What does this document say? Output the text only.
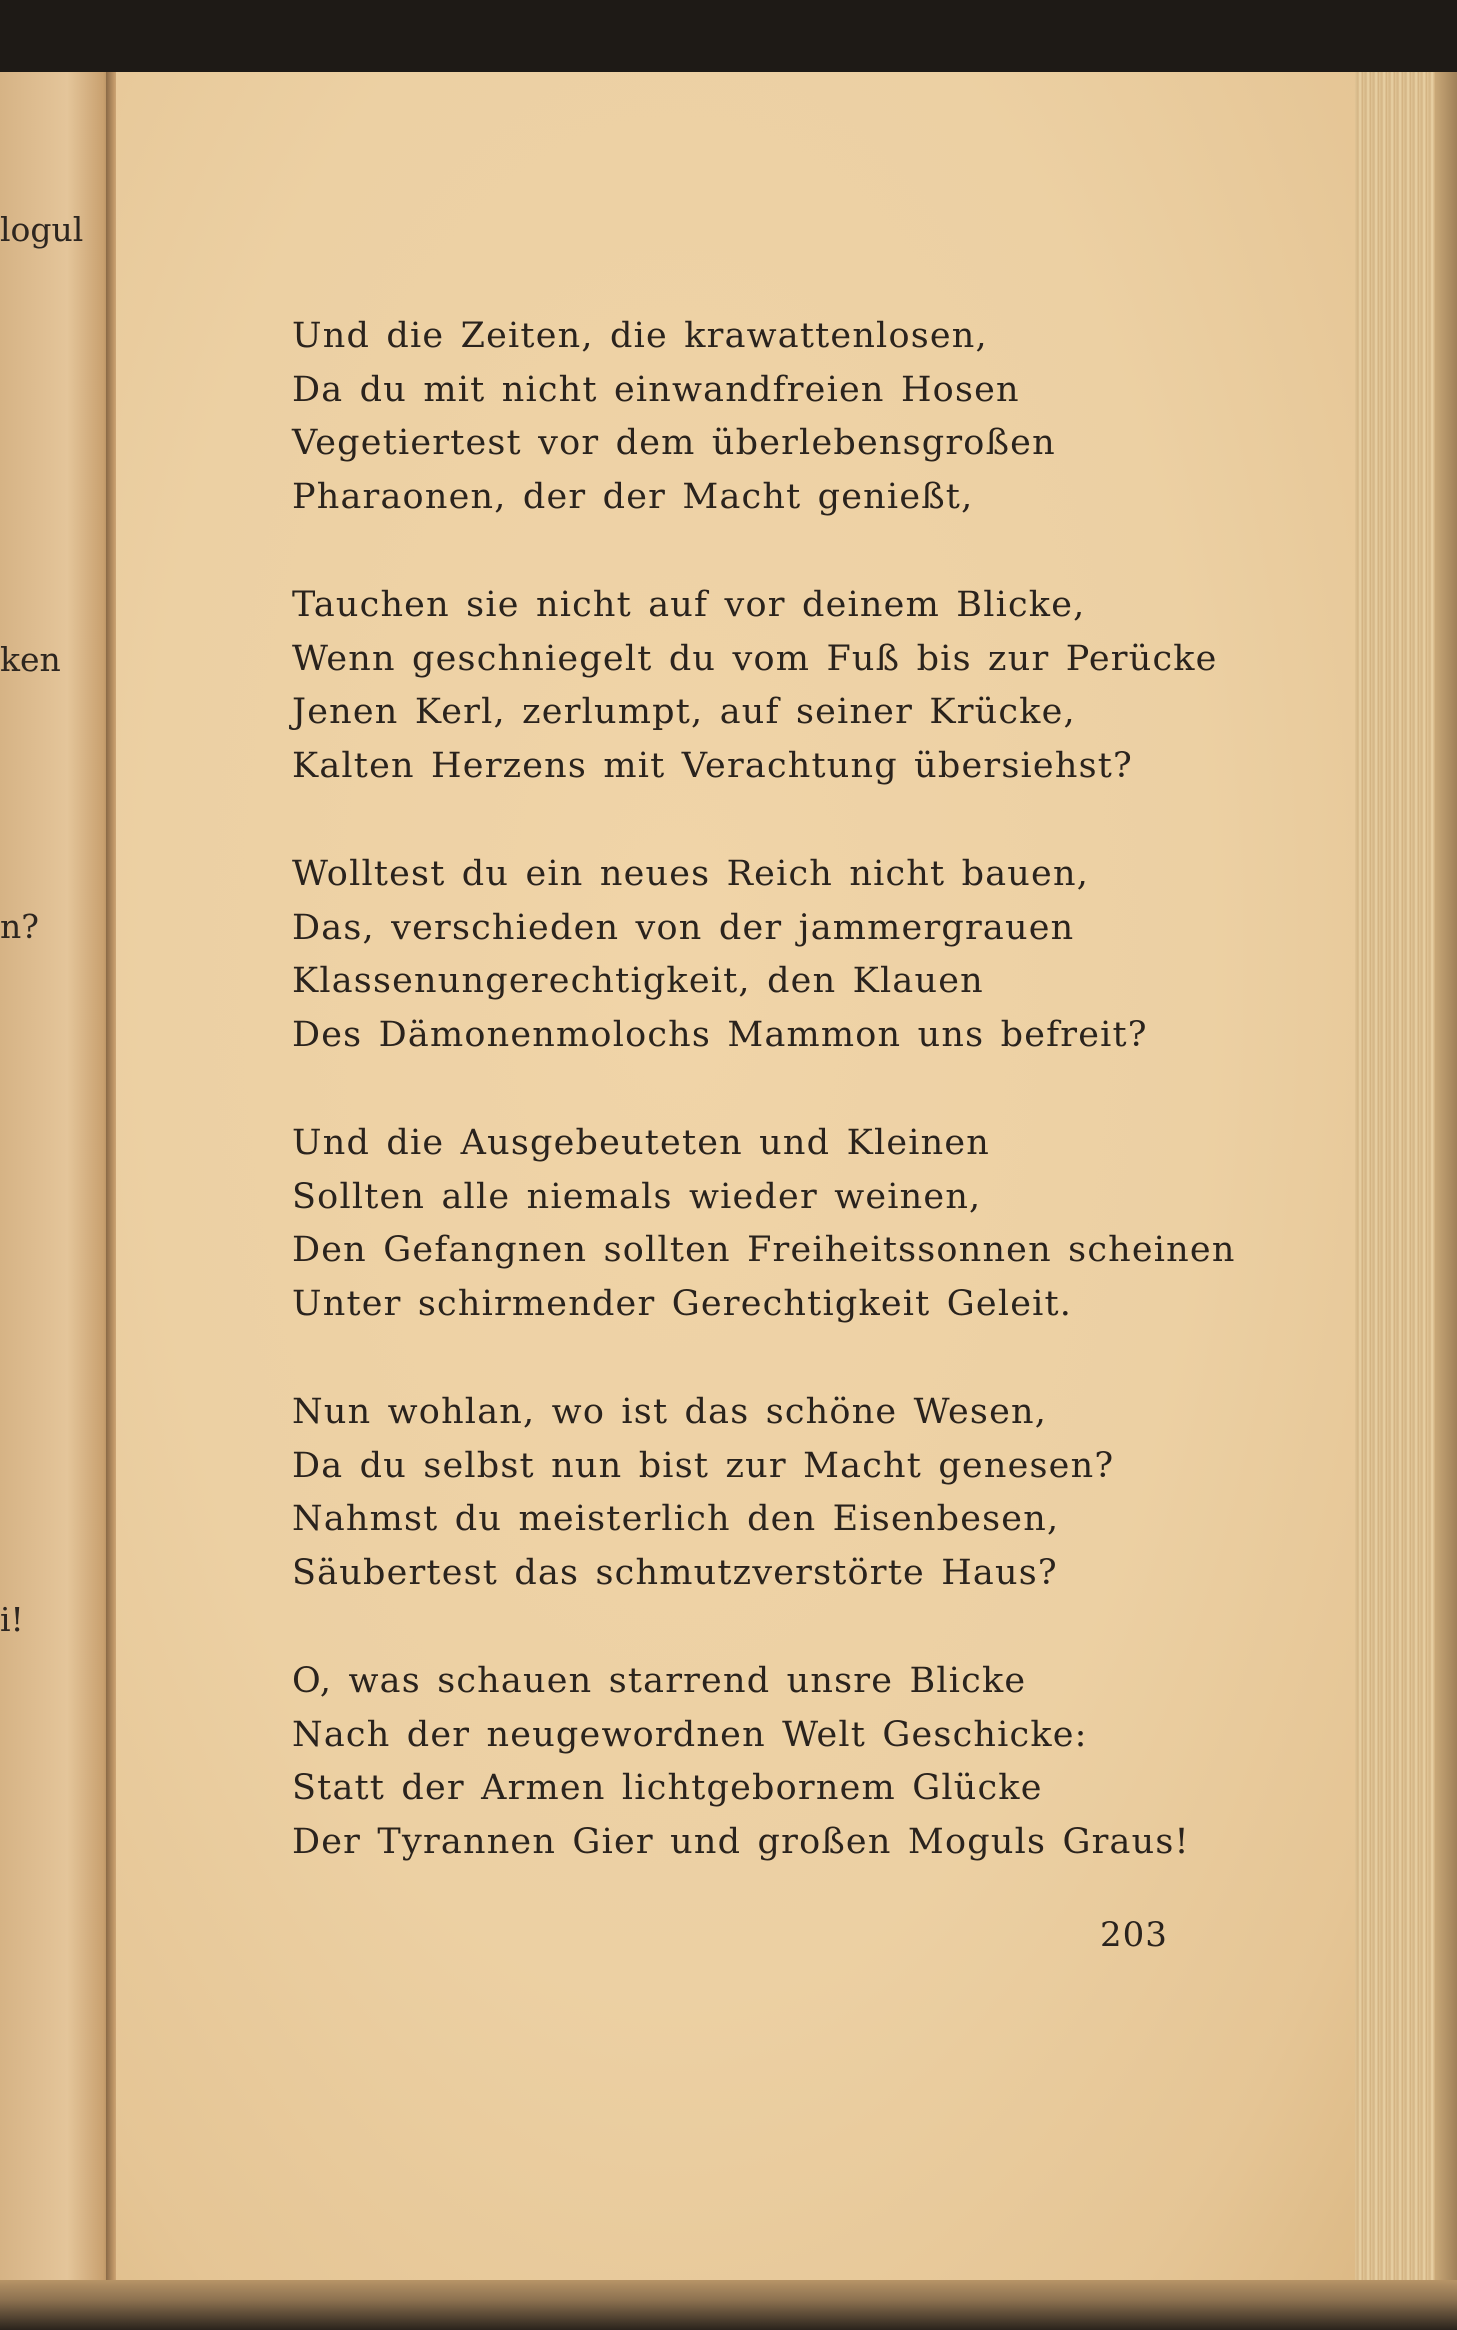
logul
ken
n?
i!
Und die Zeiten, die krawattenlosen,
Da du mit nicht einwandfreien Hosen
Vegetiertest vor dem überlebensgroßen
Pharaonen, der der Macht genießt,
Tauchen sie nicht auf vor deinem Blicke,
Wenn geschniegelt du vom Fuß bis zur Perücke
Jenen Kerl, zerlumpt, auf seiner Krücke,
Kalten Herzens mit Verachtung übersiehst?
Wolltest du ein neues Reich nicht bauen,
Das, verschieden von der jammergrauen
Klassenungerechtigkeit, den Klauen
Des Dämonenmolochs Mammon uns befreit?
Und die Ausgebeuteten und Kleinen
Sollten alle niemals wieder weinen,
Den Gefangnen sollten Freiheitssonnen scheinen
Unter schirmender Gerechtigkeit Geleit.
Nun wohlan, wo ist das schöne Wesen,
Da du selbst nun bist zur Macht genesen?
Nahmst du meisterlich den Eisenbesen,
Säubertest das schmutzverstörte Haus?
O, was schauen starrend unsre Blicke
Nach der neugewordnen Welt Geschicke:
Statt der Armen lichtgebornem Glücke
Der Tyrannen Gier und großen Moguls Graus!
203
